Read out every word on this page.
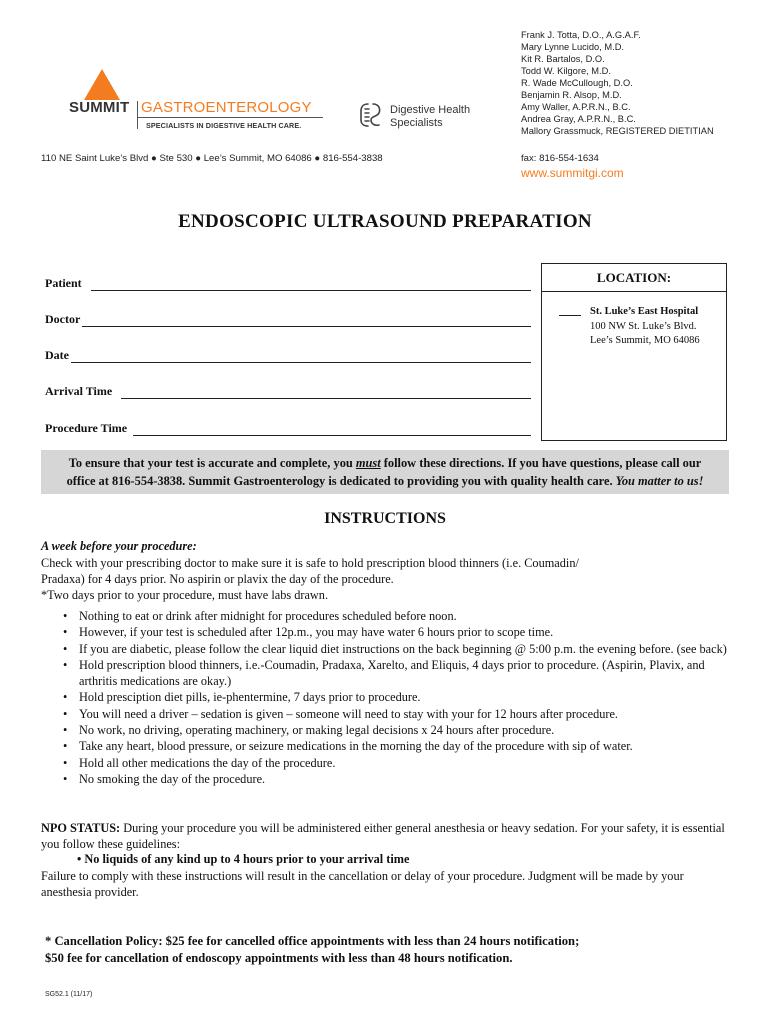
SUMMIT GASTROENTEROLOGY
SPECIALISTS IN DIGESTIVE HEALTH CARE.
Digestive Health
Specialists
Frank J. Totta, D.O., A.G.A.F.
Mary Lynne Lucido, M.D.
Kit R. Bartalos, D.O.
Todd W. Kilgore, M.D.
R. Wade McCullough, D.O.
Benjamin R. Alsop, M.D.
Amy Waller, A.P.R.N., B.C.
Andrea Gray, A.P.R.N., B.C.
Mallory Grassmuck, REGISTERED DIETITIAN
110 NE Saint Luke’s Blvd ● Ste 530 ● Lee’s Summit, MO 64086 ● 816-554-3838	fax: 816-554-1634
www.summitgi.com
ENDOSCOPIC ULTRASOUND PREPARATION
Patient
Doctor
Date
Arrival Time
Procedure Time
LOCATION:
St. Luke’s East Hospital
100 NW St. Luke’s Blvd.
Lee’s Summit, MO 64086
To ensure that your test is accurate and complete, you must follow these directions. If you have questions, please call our
office at 816-554-3838. Summit Gastroenterology is dedicated to providing you with quality health care. You matter to us!
INSTRUCTIONS
A week before your procedure:
Check with your prescribing doctor to make sure it is safe to hold prescription blood thinners (i.e. Coumadin/
Pradaxa) for 4 days prior. No aspirin or plavix the day of the procedure.
*Two days prior to your procedure, must have labs drawn.
• Nothing to eat or drink after midnight for procedures scheduled before noon.
• However, if your test is scheduled after 12p.m., you may have water 6 hours prior to scope time.
• If you are diabetic, please follow the clear liquid diet instructions on the back beginning @ 5:00 p.m. the evening before. (see back)
• Hold prescription blood thinners, i.e.-Coumadin, Pradaxa, Xarelto, and Eliquis, 4 days prior to procedure. (Aspirin, Plavix, and arthritis medications are okay.)
• Hold presciption diet pills, ie-phentermine, 7 days prior to procedure.
• You will need a driver – sedation is given – someone will need to stay with your for 12 hours after procedure.
• No work, no driving, operating machinery, or making legal decisions x 24 hours after procedure.
• Take any heart, blood pressure, or seizure medications in the morning the day of the procedure with sip of water.
• Hold all other medications the day of the procedure.
• No smoking the day of the procedure.
NPO STATUS: During your procedure you will be administered either general anesthesia or heavy sedation. For your safety, it is essential you follow these guidelines:
• No liquids of any kind up to 4 hours prior to your arrival time
Failure to comply with these instructions will result in the cancellation or delay of your procedure. Judgment will be made by your anesthesia provider.
* Cancellation Policy: $25 fee for cancelled office appointments with less than 24 hours notification;
$50 fee for cancellation of endoscopy appointments with less than 48 hours notification.
SG52.1 (11/17)
